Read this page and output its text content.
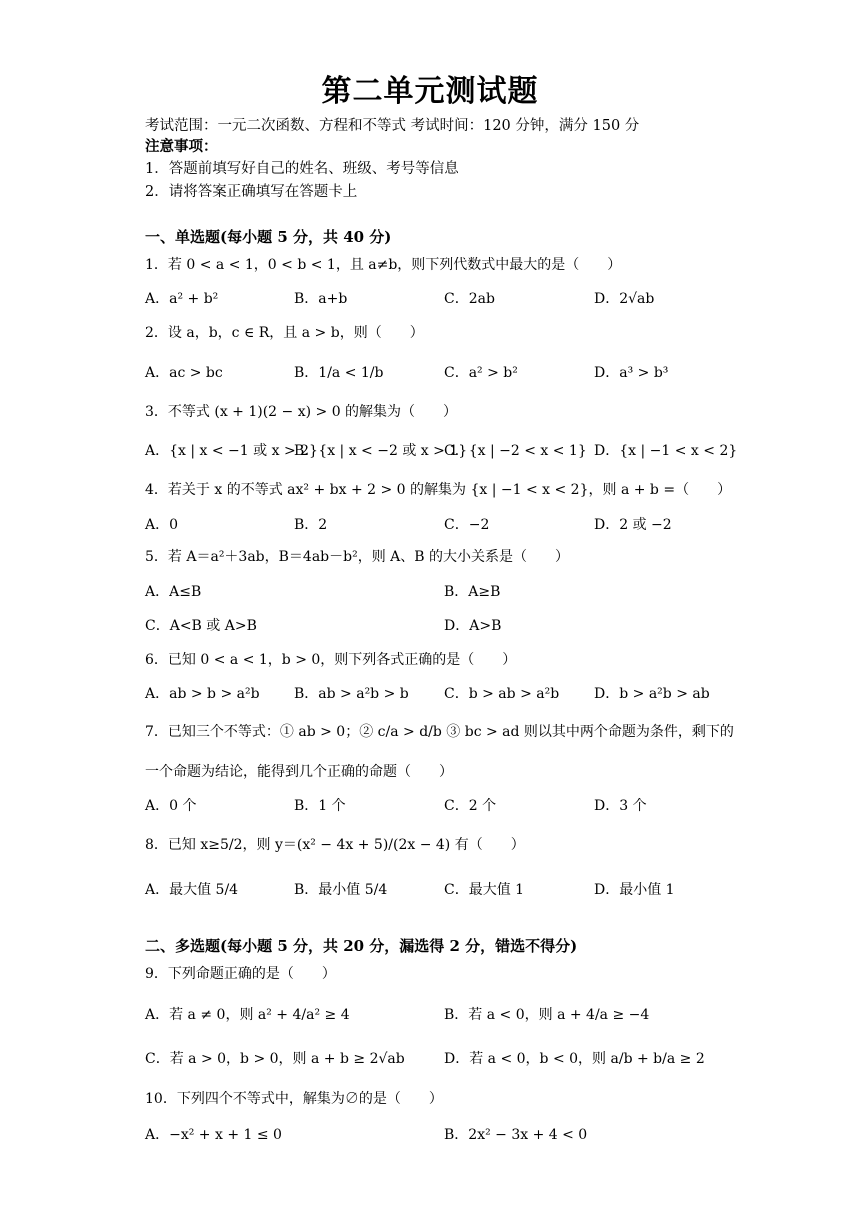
第二单元测试题
考试范围：一元二次函数、方程和不等式 考试时间：120 分钟，满分 150 分
注意事项：
1．答题前填写好自己的姓名、班级、考号等信息
2．请将答案正确填写在答题卡上
一、单选题(每小题 5 分，共 40 分)
1．若 0 < a < 1，0 < b < 1，且 a≠b，则下列代数式中最大的是（　　）
A．a² + b²	B．a+b	C．2ab	D．2√ab
2．设 a，b，c ∈ R，且 a > b，则（　　）
A．ac > bc	B．1/a < 1/b	C．a² > b²	D．a³ > b³
3．不等式 (x + 1)(2 − x) > 0 的解集为（　　）
A．{x | x < −1 或 x > 2}
B．{x | x < −2 或 x > 1}
C．{x | −2 < x < 1} D．{x | −1 < x < 2}
4．若关于 x 的不等式 ax² + bx + 2 > 0 的解集为 {x | −1 < x < 2}，则 a + b =（　　）
A．0	B．2	C．−2	D．2 或 −2
5．若 A＝a²＋3ab，B＝4ab－b²，则 A、B 的大小关系是（　　）
A．A≤B	B．A≥B
C．A<B 或 A>B	D．A>B
6．已知 0 < a < 1，b > 0，则下列各式正确的是（　　）
A．ab > b > a²b B．ab > a²b > b	C．b > ab > a²b D．b > a²b > ab
7．已知三个不等式：① ab > 0；② c/a > d/b ③ bc > ad 则以其中两个命题为条件，剩下的
一个命题为结论，能得到几个正确的命题（　　）
A．0 个	B．1 个	C．2 个	D．3 个
8．已知 x≥5/2，则 y＝(x² − 4x + 5)/(2x − 4) 有（　　）
A．最大值 5/4	B．最小值 5/4	C．最大值 1	D．最小值 1
二、多选题(每小题 5 分，共 20 分，漏选得 2 分，错选不得分)
9．下列命题正确的是（　　）
A．若 a ≠ 0，则 a² + 4/a² ≥ 4	B．若 a < 0，则 a + 4/a ≥ −4
C．若 a > 0，b > 0，则 a + b ≥ 2√ab	D．若 a < 0，b < 0，则 a/b + b/a ≥ 2
10．下列四个不等式中，解集为∅的是（　　）
A．−x² + x + 1 ≤ 0	B．2x² − 3x + 4 < 0
